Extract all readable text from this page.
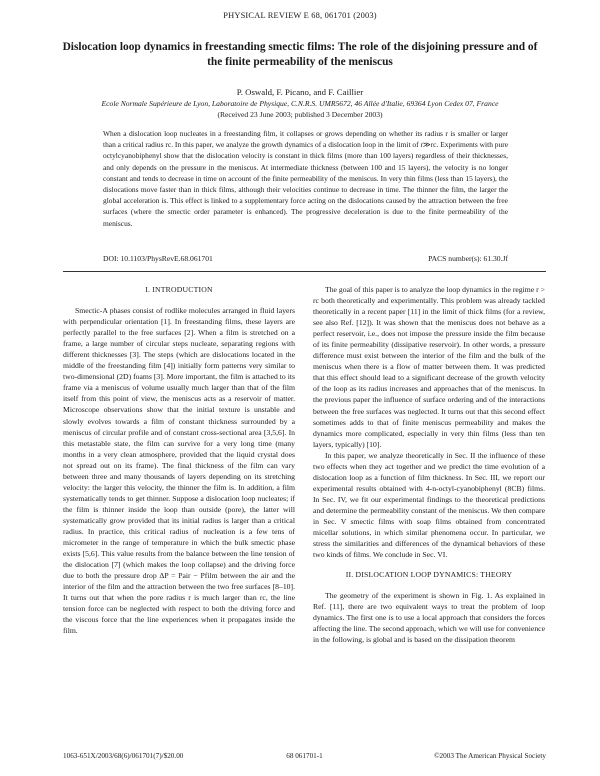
PHYSICAL REVIEW E 68, 061701 (2003)
Dislocation loop dynamics in freestanding smectic films: The role of the disjoining pressure and of the finite permeability of the meniscus
P. Oswald, F. Picano, and F. Caillier
Ecole Normale Supérieure de Lyon, Laboratoire de Physique, C.N.R.S. UMR5672, 46 Allée d'Italie, 69364 Lyon Cedex 07, France
(Received 23 June 2003; published 3 December 2003)
When a dislocation loop nucleates in a freestanding film, it collapses or grows depending on whether its radius r is smaller or larger than a critical radius rc. In this paper, we analyze the growth dynamics of a dislocation loop in the limit of r≫rc. Experiments with pure octylcyanobiphenyl show that the dislocation velocity is constant in thick films (more than 100 layers) regardless of their thicknesses, and only depends on the pressure in the meniscus. At intermediate thickness (between 100 and 15 layers), the velocity is no longer constant and tends to decrease in time on account of the finite permeability of the meniscus. In very thin films (less than 15 layers), the dislocations move faster than in thick films, although their velocities continue to decrease in time. The thinner the film, the larger the global acceleration is. This effect is linked to a supplementary force acting on the dislocations caused by the attraction between the free surfaces (where the smectic order parameter is enhanced). The progressive deceleration is due to the finite permeability of the meniscus.
DOI: 10.1103/PhysRevE.68.061701	PACS number(s): 61.30.Jf
I. INTRODUCTION

Smectic-A phases consist of rodlike molecules arranged in fluid layers with perpendicular orientation [1]. In freestanding films, these layers are perfectly parallel to the free surfaces [2]. When a film is stretched on a frame, a large number of circular steps nucleate, separating regions with different thicknesses [3]. The steps (which are dislocations located in the middle of the freestanding film [4]) initially form patterns very similar to two-dimensional (2D) foams [3]. More important, the film is attached to its frame via a meniscus of volume usually much larger than that of the film itself from this point of view, the meniscus acts as a reservoir of matter. Microscope observations show that the initial texture is unstable and slowly evolves towards a film of constant thickness surrounded by a meniscus of circular profile and of constant cross-sectional area [3,5,6]. In this metastable state, the film can survive for a very long time (many months in a very clean atmosphere, provided that the liquid crystal does not spread out on its frame). The final thickness of the film can vary between three and many thousands of layers depending on its stretching velocity: the larger this velocity, the thinner the film is. In addition, a film systematically tends to get thinner. Suppose a dislocation loop nucleates; if the film is thinner inside the loop than outside (pore), the latter will systematically grow provided that its initial radius is larger than a critical radius. In practice, this critical radius of nucleation is a few tens of micrometer in the range of temperature in which the bulk smectic phase exists [5,6]. This value results from the balance between the line tension of the dislocation [7] (which makes the loop collapse) and the driving force due to both the pressure drop ΔP = Pair − Pfilm between the air and the interior of the film and the attraction between the two free surfaces [8–10]. It turns out that when the pore radius r is much larger than rc, the line tension force can be neglected with respect to both the driving force and the viscous force that the line experiences when it propagates inside the film.

The goal of this paper is to analyze the loop dynamics in the regime r > rc both theoretically and experimentally. This problem was already tackled theoretically in a recent paper [11] in the limit of thick films (for a review, see also Ref. [12]). It was shown that the meniscus does not behave as a perfect reservoir, i.e., does not impose the pressure inside the film because of its finite permeability (dissipative reservoir). In other words, a pressure difference must exist between the interior of the film and the bulk of the meniscus when there is a flow of matter between them. It was predicted that this effect should lead to a significant decrease of the growth velocity of the loop as its radius increases and approaches that of the meniscus. In the previous paper the influence of surface ordering and of the interactions between the free surfaces was neglected. It turns out that this second effect sometimes adds to that of finite meniscus permeability and makes the dynamics more complicated, especially in very thin films (less than ten layers, typically) [10].

In this paper, we analyze theoretically in Sec. II the influence of these two effects when they act together and we predict the time evolution of a dislocation loop as a function of film thickness. In Sec. III, we report our experimental results obtained with 4-n-octyl-cyanobiphenyl (8CB) films. In Sec. IV, we fit our experimental findings to the theoretical predictions and determine the permeability constant of the meniscus. We then compare in Sec. V smectic films with soap films obtained from concentrated micellar solutions, in which similar phenomena occur. In particular, we stress the similarities and differences of the dynamical behaviors of these two kinds of films. We conclude in Sec. VI.

II. DISLOCATION LOOP DYNAMICS: THEORY

The geometry of the experiment is shown in Fig. 1. As explained in Ref. [11], there are two equivalent ways to treat the problem of loop dynamics. The first one is to use a local approach that considers the forces affecting the line. The second approach, which we will use for convenience in the following, is global and is based on the dissipation theorem

1063-651X/2003/68(6)/061701(7)/$20.00	68 061701-1	©2003 The American Physical Society
